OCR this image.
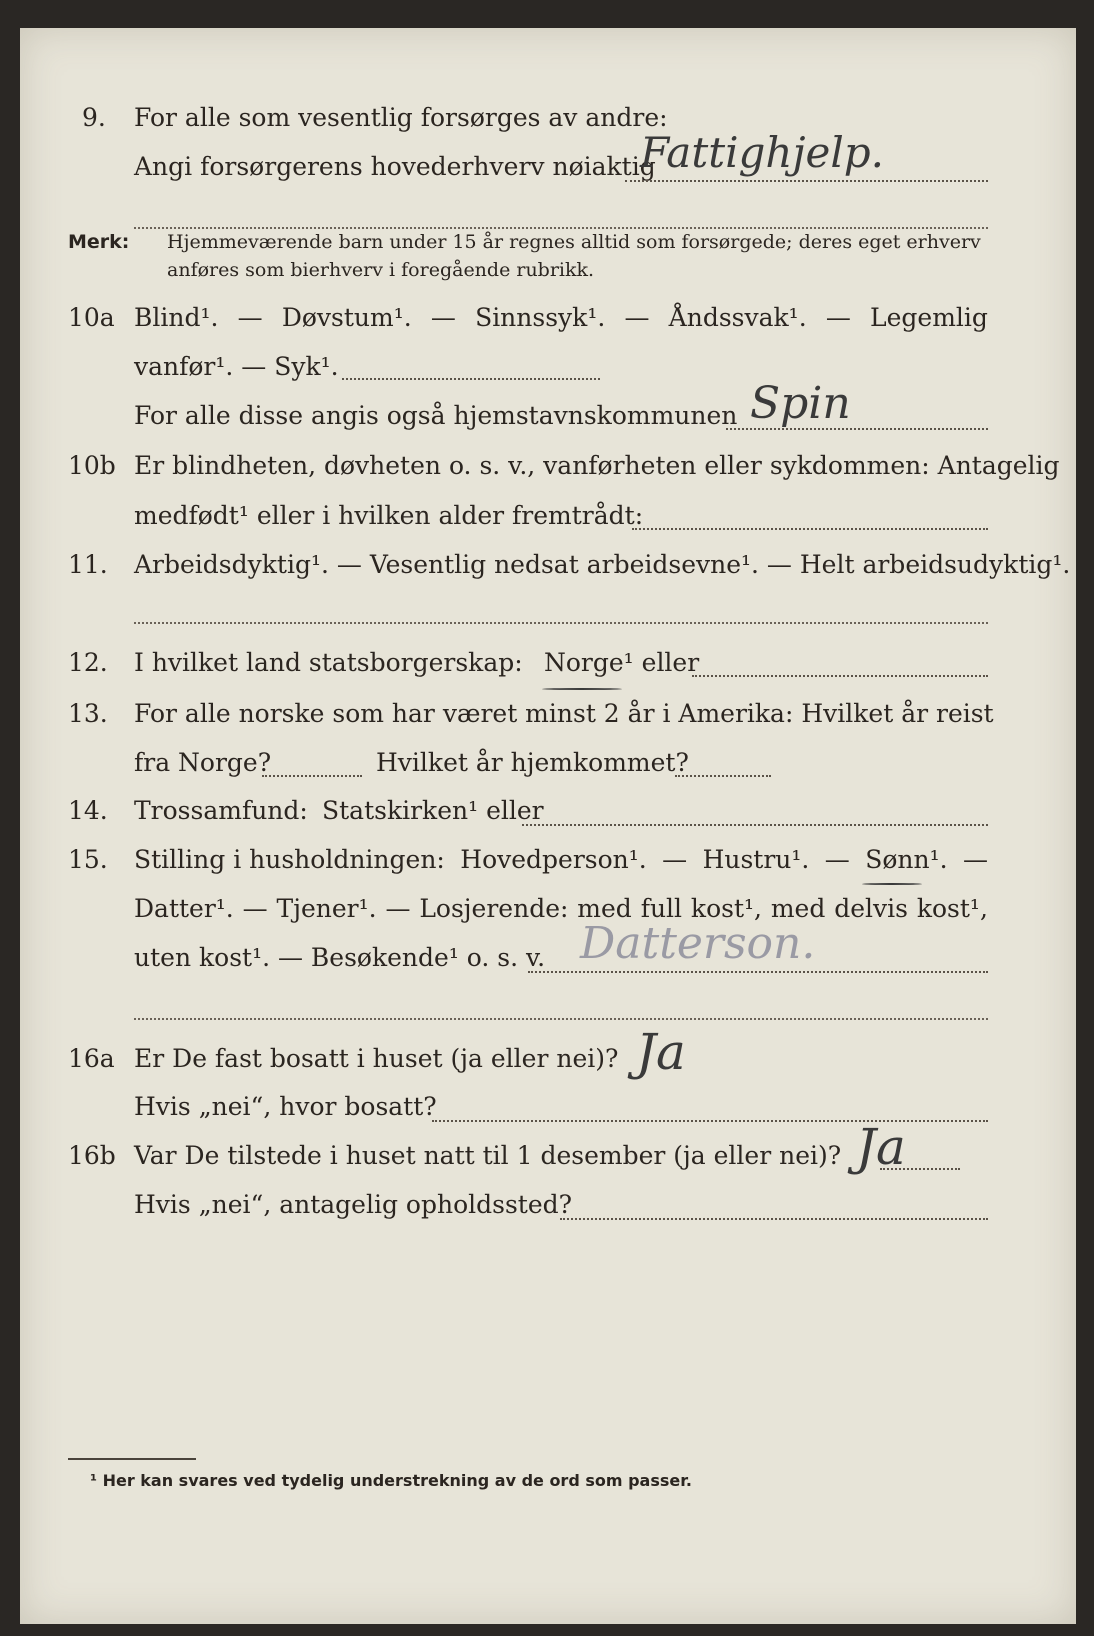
9.	For alle som vesentlig forsørges av andre:
Angi forsørgerens hovederhverv nøiaktig
Fattighjelp.
Merk: Hjemmeværende barn under 15 år regnes alltid som forsørgede; deres eget erhverv
anføres som bierhverv i foregående rubrikk.
10a Blind¹. — Døvstum¹. — Sinnssyk¹. — Åndssvak¹. — Legemlig
vanfør¹. — Syk¹.
For alle disse angis også hjemstavnskommunen Spin
10b Er blindheten, døvheten o. s. v., vanførheten eller sykdommen: Antagelig
medfødt¹ eller i hvilken alder fremtrådt:
11.	Arbeidsdyktig¹. — Vesentlig nedsat arbeidsevne¹. — Helt arbeidsudyktig¹.
12.	I hvilket land statsborgerskap: Norge¹ eller
13.	For alle norske som har været minst 2 år i Amerika: Hvilket år reist
fra Norge?	Hvilket år hjemkommet?
14.	Trossamfund: Statskirken¹ eller
15.	Stilling i husholdningen: Hovedperson¹. — Hustru¹. — Sønn¹. —
Datter¹. — Tjener¹. — Losjerende: med full kost¹, med delvis kost¹,
uten kost¹. — Besøkende¹ o. s. v. Datterson.
16a Er De fast bosatt i huset (ja eller nei)? Ja
Hvis „nei“, hvor bosatt?
16b Var De tilstede i huset natt til 1 desember (ja eller nei)? Ja
Hvis „nei“, antagelig opholdssted?
¹ Her kan svares ved tydelig understrekning av de ord som passer.
